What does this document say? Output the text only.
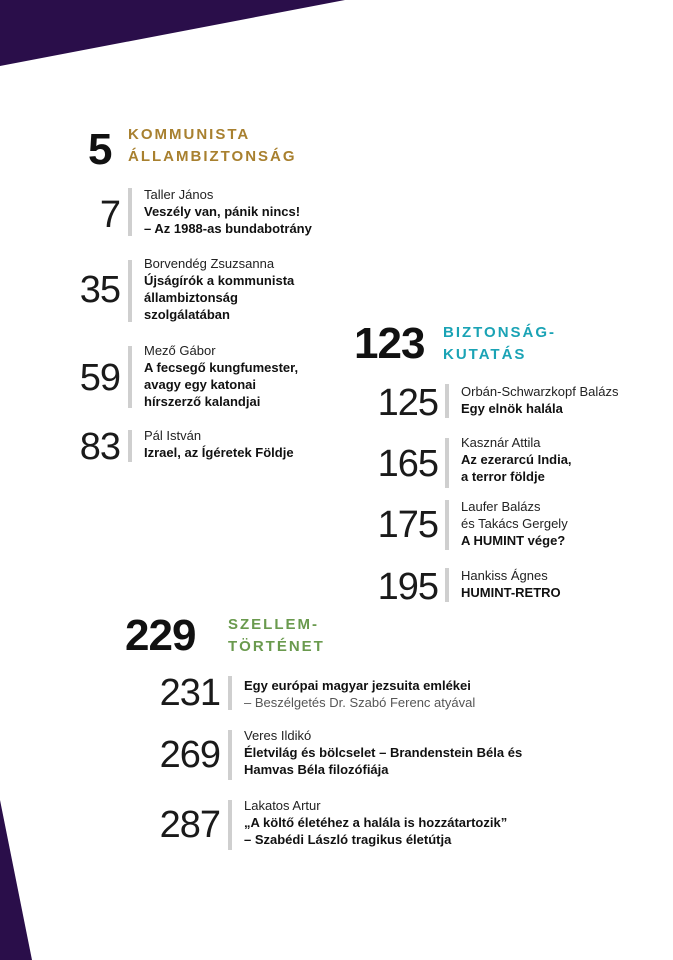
5 KOMMUNISTA
ÁLLAMBIZTONSÁG
7 Taller János
Veszély van, pánik nincs!
– Az 1988-as bundabotrány
35
Borvendég Zsuzsanna
Újságírók a kommunista
állambiztonság
szolgálatában
59
Mező Gábor
A fecsegő kungfumester,
avagy egy katonai
hírszerző kalandjai
83 Pál István
Izrael, az Ígéretek Földje
123 BIZTONSÁG-
KUTATÁS
125 Orbán-Schwarzkopf Balázs
Egy elnök halála
165
Kasznár Attila
Az ezerarcú India,
a terror földje
175 Laufer Balázs
és Takács Gergely
A HUMINT vége?
195 Hankiss Ágnes
HUMINT-RETRO
229 SZELLEM-
TÖRTÉNET
231 Egy európai magyar jezsuita emlékei
– Beszélgetés Dr. Szabó Ferenc atyával
269 Veres Ildikó
Életvilág és bölcselet – Brandenstein Béla és
Hamvas Béla filozófiája
287 Lakatos Artur
„A költő életéhez a halála is hozzátartozik”
– Szabédi László tragikus életútja
